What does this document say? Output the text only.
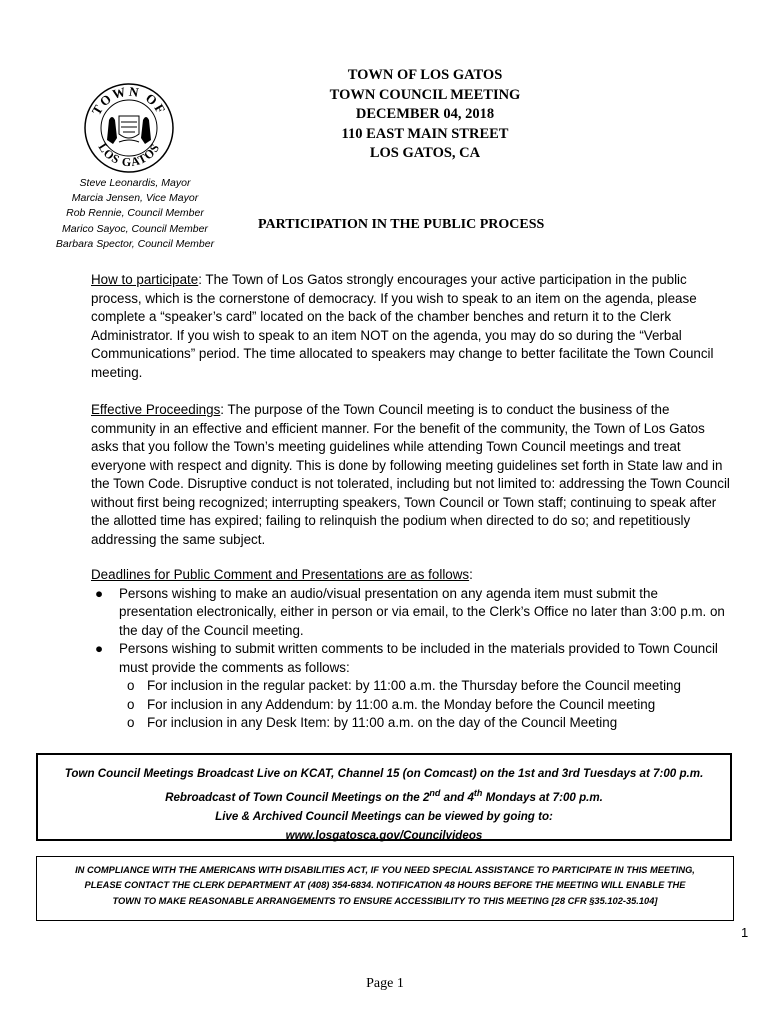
TOWN OF
LOS GATOS
TOWN OF LOS GATOS
TOWN COUNCIL MEETING
DECEMBER 04, 2018
110 EAST MAIN STREET
LOS GATOS, CA
Steve Leonardis, Mayor
Marcia Jensen, Vice Mayor
Rob Rennie, Council Member
Marico Sayoc, Council Member
Barbara Spector, Council Member
PARTICIPATION IN THE PUBLIC PROCESS
How to participate: The Town of Los Gatos strongly encourages your active participation in the public process, which is the cornerstone of democracy. If you wish to speak to an item on the agenda, please complete a “speaker’s card” located on the back of the chamber benches and return it to the Clerk Administrator. If you wish to speak to an item NOT on the agenda, you may do so during the “Verbal Communications” period. The time allocated to speakers may change to better facilitate the Town Council meeting.
Effective Proceedings: The purpose of the Town Council meeting is to conduct the business of the community in an effective and efficient manner. For the benefit of the community, the Town of Los Gatos asks that you follow the Town’s meeting guidelines while attending Town Council meetings and treat everyone with respect and dignity. This is done by following meeting guidelines set forth in State law and in the Town Code. Disruptive conduct is not tolerated, including but not limited to: addressing the Town Council without first being recognized; interrupting speakers, Town Council or Town staff; continuing to speak after the allotted time has expired; failing to relinquish the podium when directed to do so; and repetitiously addressing the same subject.
Deadlines for Public Comment and Presentations are as follows:
● Persons wishing to make an audio/visual presentation on any agenda item must submit the presentation electronically, either in person or via email, to the Clerk’s Office no later than 3:00 p.m. on the day of the Council meeting.
● Persons wishing to submit written comments to be included in the materials provided to Town Council must provide the comments as follows:
o For inclusion in the regular packet: by 11:00 a.m. the Thursday before the Council meeting
o For inclusion in any Addendum: by 11:00 a.m. the Monday before the Council meeting
o For inclusion in any Desk Item: by 11:00 a.m. on the day of the Council Meeting
Town Council Meetings Broadcast Live on KCAT, Channel 15 (on Comcast) on the 1st and 3rd Tuesdays at 7:00 p.m.
Rebroadcast of Town Council Meetings on the 2nd and 4th Mondays at 7:00 p.m.
Live & Archived Council Meetings can be viewed by going to:
www.losgatosca.gov/Councilvideos
IN COMPLIANCE WITH THE AMERICANS WITH DISABILITIES ACT, IF YOU NEED SPECIAL ASSISTANCE TO PARTICIPATE IN THIS MEETING,
PLEASE CONTACT THE CLERK DEPARTMENT AT (408) 354-6834. NOTIFICATION 48 HOURS BEFORE THE MEETING WILL ENABLE THE
TOWN TO MAKE REASONABLE ARRANGEMENTS TO ENSURE ACCESSIBILITY TO THIS MEETING [28 CFR §35.102-35.104]
1
Page 1
